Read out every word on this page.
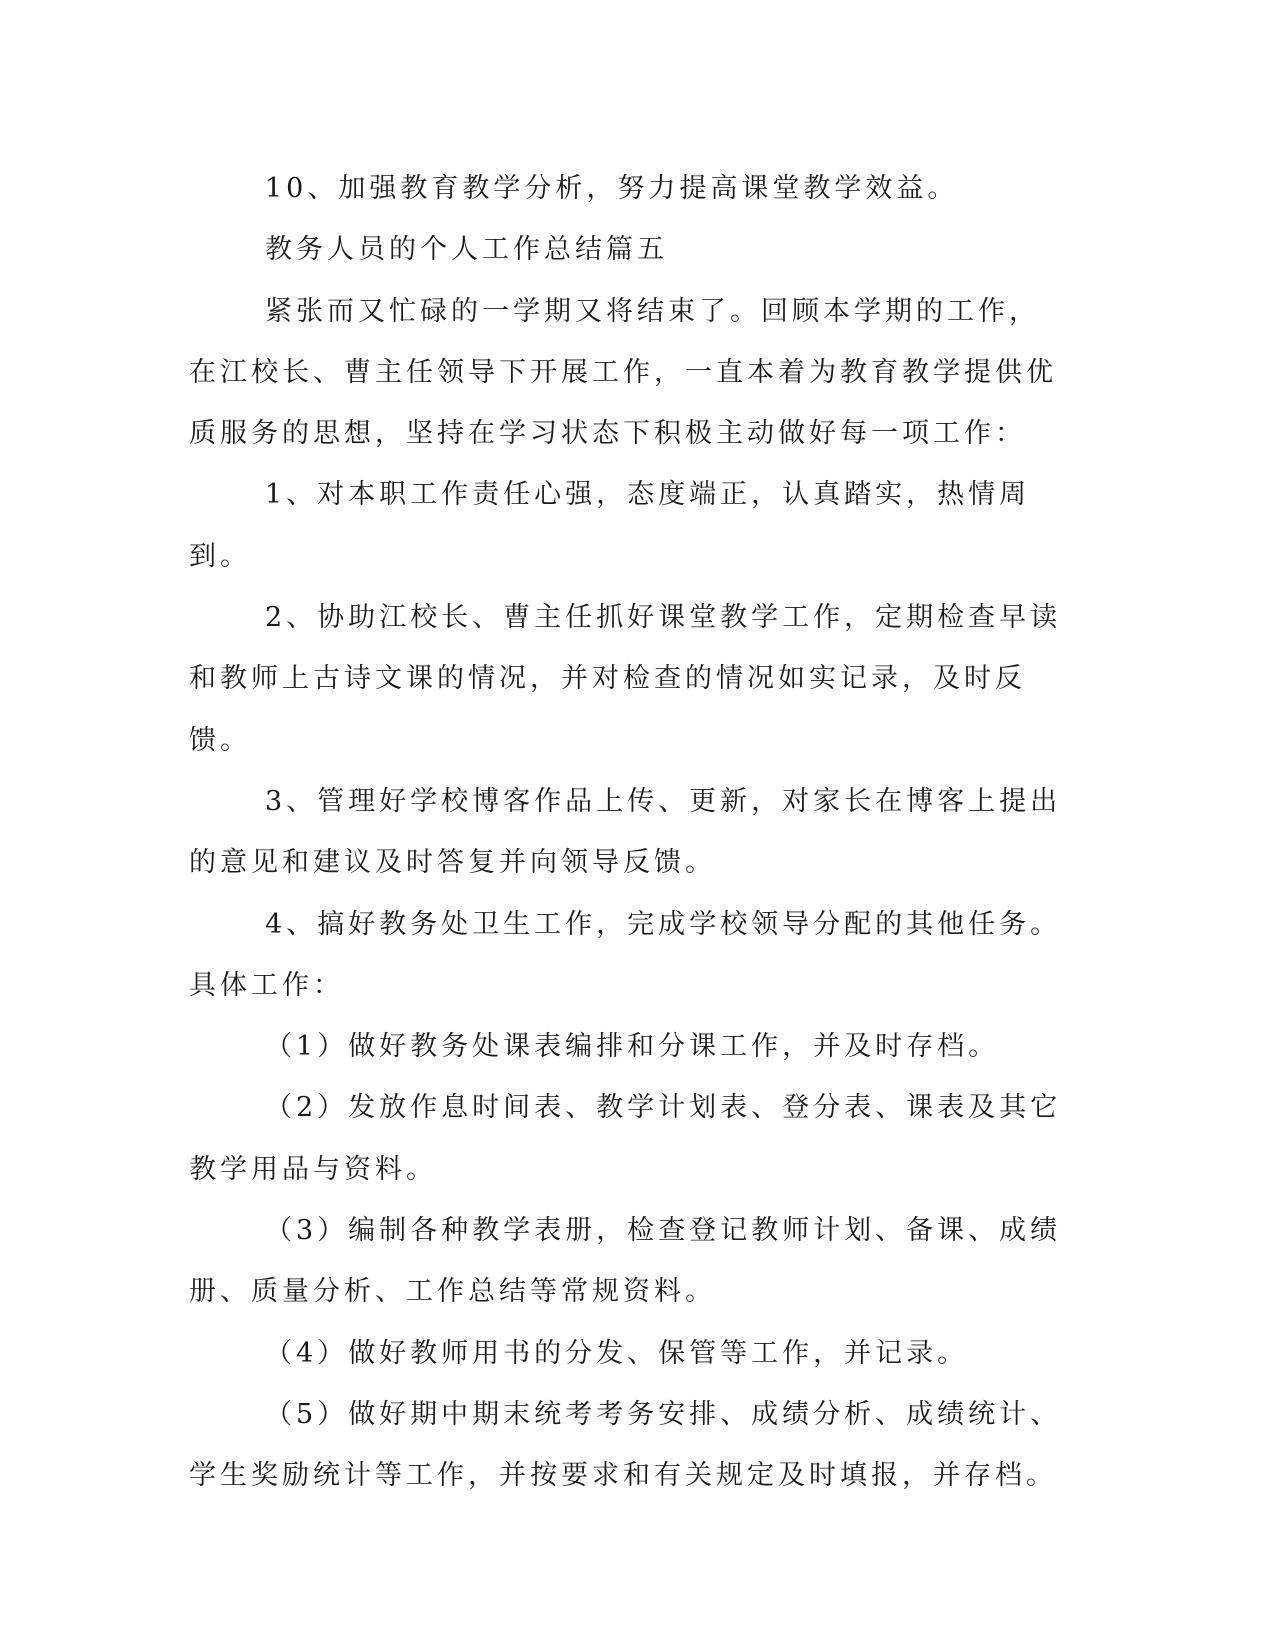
10、加强教育教学分析，努力提高课堂教学效益。

教务人员的个人工作总结篇五

紧张而又忙碌的一学期又将结束了。回顾本学期的工作，在江校长、曹主任领导下开展工作，一直本着为教育教学提供优质服务的思想，坚持在学习状态下积极主动做好每一项工作：

1、对本职工作责任心强，态度端正，认真踏实，热情周到。

2、协助江校长、曹主任抓好课堂教学工作，定期检查早读和教师上古诗文课的情况，并对检查的情况如实记录，及时反馈。

3、管理好学校博客作品上传、更新，对家长在博客上提出的意见和建议及时答复并向领导反馈。

4、搞好教务处卫生工作，完成学校领导分配的其他任务。具体工作：

（1）做好教务处课表编排和分课工作，并及时存档。

（2）发放作息时间表、教学计划表、登分表、课表及其它教学用品与资料。

（3）编制各种教学表册，检查登记教师计划、备课、成绩册、质量分析、工作总结等常规资料。

（4）做好教师用书的分发、保管等工作，并记录。

（5）做好期中期末统考考务安排、成绩分析、成绩统计、学生奖励统计等工作，并按要求和有关规定及时填报，并存档。
